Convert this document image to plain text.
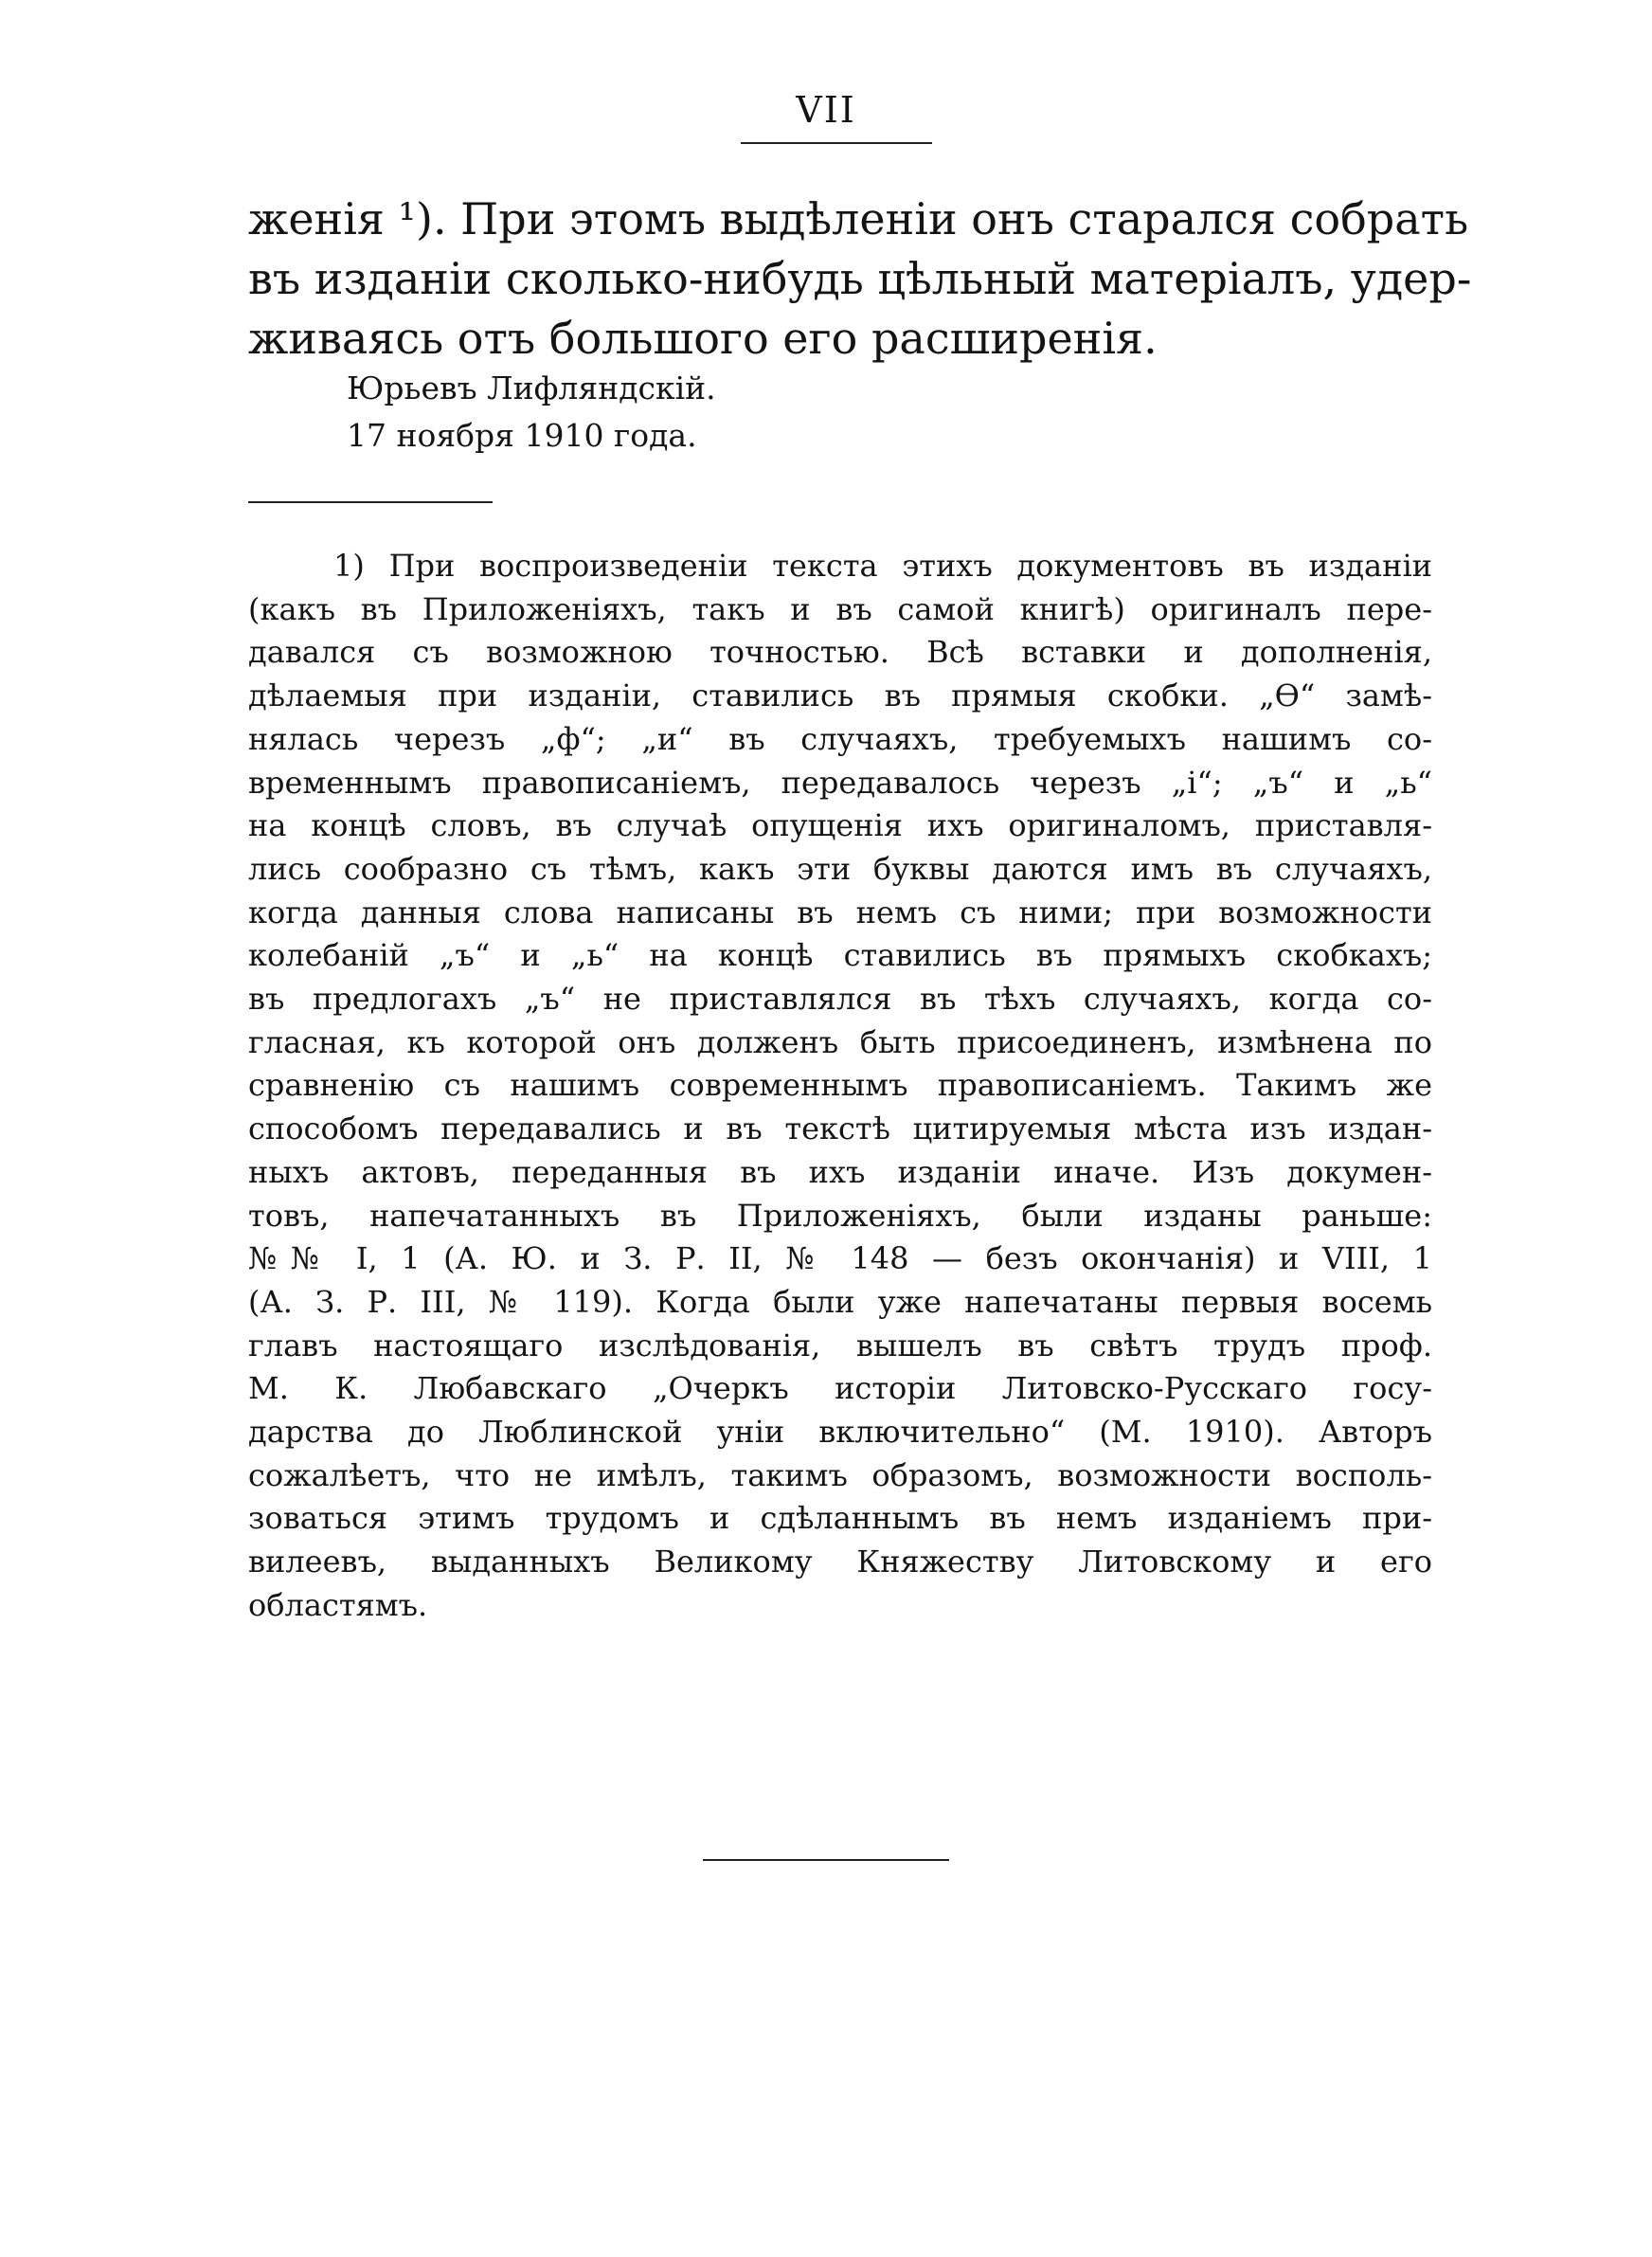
VII
женія ¹). При этомъ выдѣленіи онъ старался собрать
въ изданіи сколько-нибудь цѣльный матеріалъ, удер-
живаясь отъ большого его расширенія.
Юрьевъ Лифляндскій.
17 ноября 1910 года.
1) При воспроизведеніи текста этихъ документовъ въ изданіи
(какъ въ Приложеніяхъ, такъ и въ самой книгѣ) оригиналъ пере-
давался съ возможною точностью. Всѣ вставки и дополненія,
дѣлаемыя при изданіи, ставились въ прямыя скобки. „Ѳ“ замѣ-
нялась черезъ „ф“; „и“ въ случаяхъ, требуемыхъ нашимъ со-
временнымъ правописаніемъ, передавалось черезъ „і“; „ъ“ и „ь“
на концѣ словъ, въ случаѣ опущенія ихъ оригиналомъ, приставля-
лись сообразно съ тѣмъ, какъ эти буквы даются имъ въ случаяхъ,
когда данныя слова написаны въ немъ съ ними; при возможности
колебаній „ъ“ и „ь“ на концѣ ставились въ прямыхъ скобкахъ;
въ предлогахъ „ъ“ не приставлялся въ тѣхъ случаяхъ, когда со-
гласная, къ которой онъ долженъ быть присоединенъ, измѣнена по
сравненію съ нашимъ современнымъ правописаніемъ. Такимъ же
способомъ передавались и въ текстѣ цитируемыя мѣста изъ издан-
ныхъ актовъ, переданныя въ ихъ изданіи иначе. Изъ докумен-
товъ, напечатанныхъ въ Приложеніяхъ, были изданы раньше:
№№ I, 1 (А. Ю. и З. Р. II, № 148 — безъ окончанія) и VIII, 1
(А. З. Р. III, № 119). Когда были уже напечатаны первыя восемь
главъ настоящаго изслѣдованія, вышелъ въ свѣтъ трудъ проф.
М. К. Любавскаго „Очеркъ исторіи Литовско-Русскаго госу-
дарства до Люблинской уніи включительно“ (М. 1910). Авторъ
сожалѣетъ, что не имѣлъ, такимъ образомъ, возможности восполь-
зоваться этимъ трудомъ и сдѣланнымъ въ немъ изданіемъ при-
вилеевъ, выданныхъ Великому Княжеству Литовскому и его
областямъ.
